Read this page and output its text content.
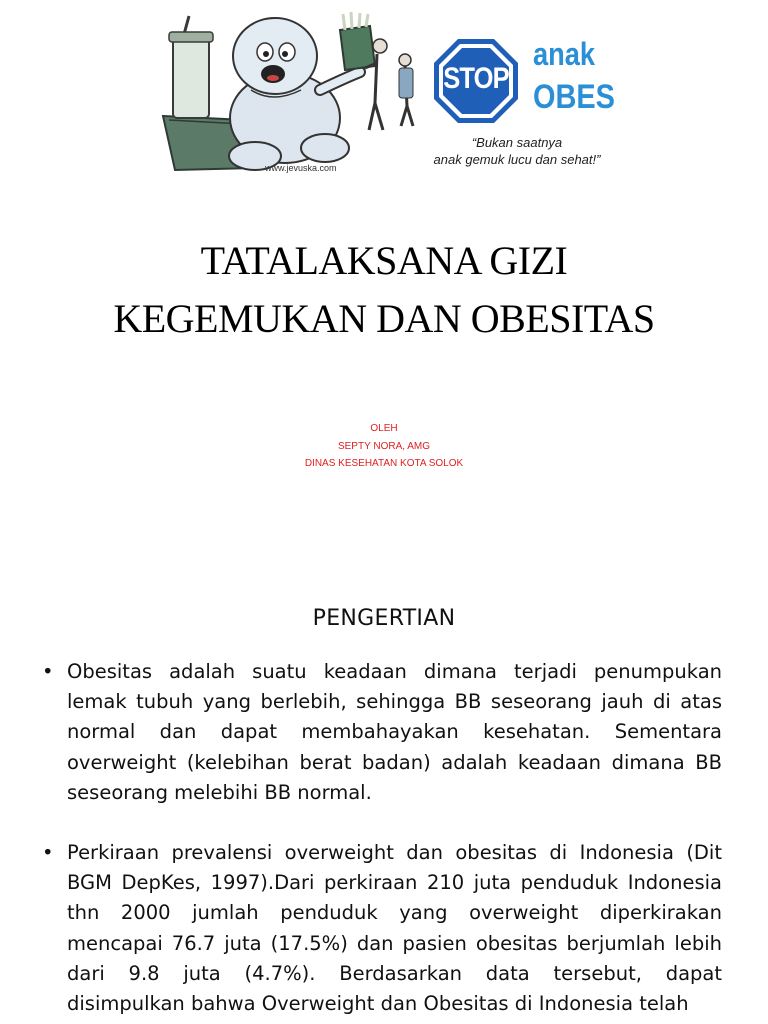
www.jevuska.com
STOP
anak
OBES
“Bukan saatnya
anak gemuk lucu dan sehat!”
TATALAKSANA GIZI
KEGEMUKAN DAN OBESITAS
OLEH
SEPTY NORA, AMG
DINAS KESEHATAN KOTA SOLOK
PENGERTIAN
• Obesitas adalah suatu keadaan dimana terjadi penumpukan lemak tubuh yang berlebih, sehingga BB seseorang jauh di atas normal dan dapat membahayakan kesehatan. Sementara overweight (kelebihan berat badan) adalah keadaan dimana BB seseorang melebihi BB normal.
• Perkiraan prevalensi overweight dan obesitas di Indonesia (Dit BGM DepKes, 1997).Dari perkiraan 210 juta penduduk Indonesia thn 2000 jumlah penduduk yang overweight diperkirakan mencapai 76.7 juta (17.5%) dan pasien obesitas berjumlah lebih dari 9.8 juta (4.7%). Berdasarkan data tersebut, dapat disimpulkan bahwa Overweight dan Obesitas di Indonesia telah
